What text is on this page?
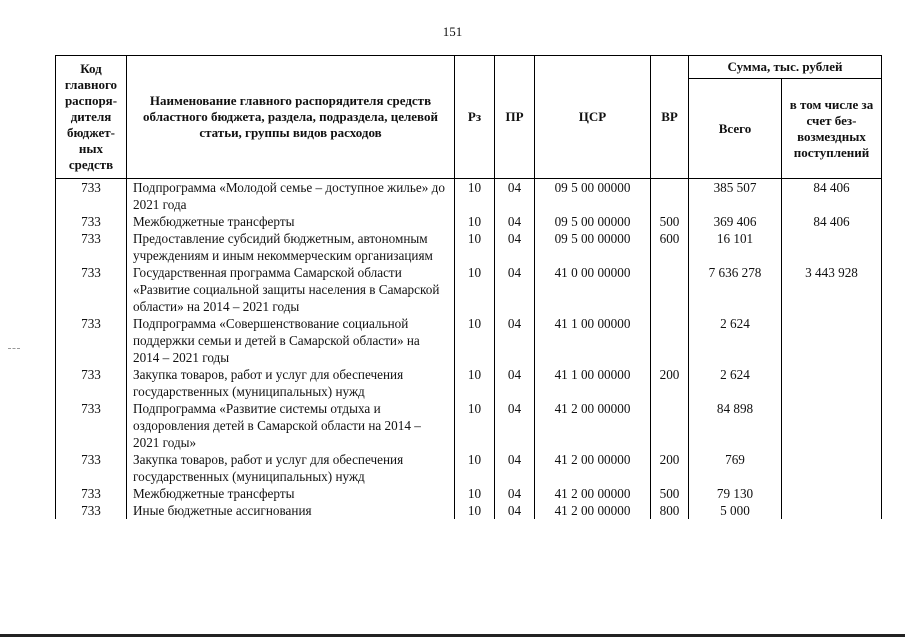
151
Код главного распоря-дителя бюджет-ных средств	Наименование главного распорядителя средств областного бюджета, раздела, подраздела, целевой статьи, группы видов расходов	Рз	ПР	ЦСР	ВР	Сумма, тыс. рублей	
						Всего	в том числе за счет без-возмездных поступлений
733	Подпрограмма «Молодой семье – доступное жилье» до 2021 года	10	04	09 5 00 00000		385 507	84 406
733	Межбюджетные трансферты	10	04	09 5 00 00000	500	369 406	84 406
733	Предоставление субсидий бюджетным, автономным учреждениям и иным некоммерческим организациям	10	04	09 5 00 00000	600	16 101	
733	Государственная программа Самарской области «Развитие социальной защиты населения в Самарской области» на 2014 – 2021 годы	10	04	41 0 00 00000		7 636 278	3 443 928
733	Подпрограмма «Совершенствование социальной поддержки семьи и детей в Самарской области» на 2014 – 2021 годы	10	04	41 1 00 00000		2 624	
733	Закупка товаров, работ и услуг для обеспечения государственных (муниципальных) нужд	10	04	41 1 00 00000	200	2 624	
733	Подпрограмма «Развитие системы отдыха и оздоровления детей в Самарской области на 2014 – 2021 годы»	10	04	41 2 00 00000		84 898	
733	Закупка товаров, работ и услуг для обеспечения государственных (муниципальных) нужд	10	04	41 2 00 00000	200	769	
733	Межбюджетные трансферты	10	04	41 2 00 00000	500	79 130	
733	Иные бюджетные ассигнования	10	04	41 2 00 00000	800	5 000	
